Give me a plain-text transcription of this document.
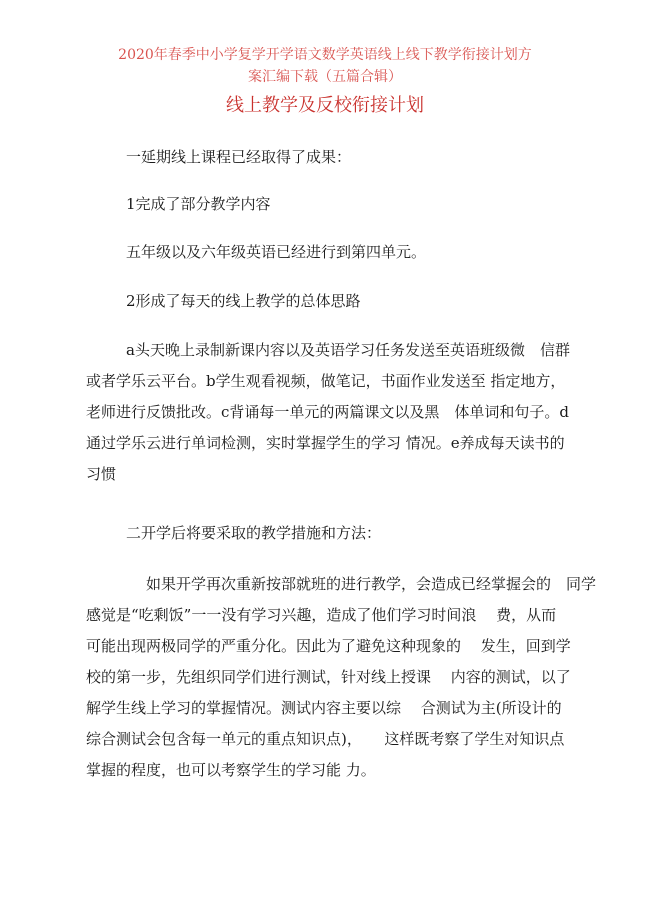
2020年春季中小学复学开学语文数学英语线上线下教学衔接计划方
案汇编下载（五篇合辑）
线上教学及反校衔接计划
一延期线上课程已经取得了成果：
1完成了部分教学内容
五年级以及六年级英语已经进行到第四单元。
2形成了每天的线上教学的总体思路
a头天晚上录制新课内容以及英语学习任务发送至英语班级微　信群
或者学乐云平台。b学生观看视频，做笔记，书面作业发送至 指定地方，
老师进行反馈批改。c背诵每一单元的两篇课文以及黑　体单词和句子。d
通过学乐云进行单词检测，实时掌握学生的学习 情况。e养成每天读书的
习惯
二开学后将要采取的教学措施和方法：
如果开学再次重新按部就班的进行教学，会造成已经掌握会的　同学
感觉是“吃剩饭”一一没有学习兴趣，造成了他们学习时间浪　 费，从而
可能出现两极同学的严重分化。因此为了避免这种现象的　 发生，回到学
校的第一步，先组织同学们进行测试，针对线上授课　 内容的测试，以了
解学生线上学习的掌握情况。测试内容主要以综　 合测试为主(所设计的
综合测试会包含每一单元的重点知识点)，　　这样既考察了学生对知识点
掌握的程度，也可以考察学生的学习能 力。
